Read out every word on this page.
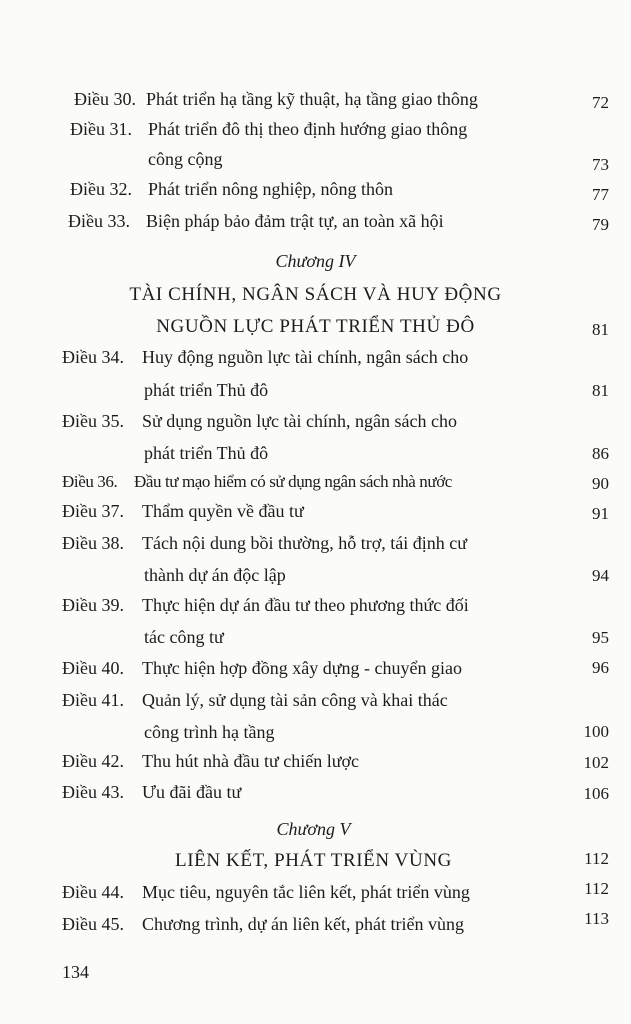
Điều 30. Phát triển hạ tầng kỹ thuật, hạ tầng giao thông	72
Điều 31. Phát triển đô thị theo định hướng giao thông
công cộng	73
Điều 32. Phát triển nông nghiệp, nông thôn	77
Điều 33. Biện pháp bảo đảm trật tự, an toàn xã hội	79
Chương IV
TÀI CHÍNH, NGÂN SÁCH VÀ HUY ĐỘNG
NGUỒN LỰC PHÁT TRIỂN THỦ ĐÔ	81
Điều 34. Huy động nguồn lực tài chính, ngân sách cho
phát triển Thủ đô	81
Điều 35. Sử dụng nguồn lực tài chính, ngân sách cho
phát triển Thủ đô	86
Điều 36. Đầu tư mạo hiểm có sử dụng ngân sách nhà nước	90
Điều 37. Thẩm quyền về đầu tư	91
Điều 38. Tách nội dung bồi thường, hỗ trợ, tái định cư
thành dự án độc lập	94
Điều 39. Thực hiện dự án đầu tư theo phương thức đối
tác công tư	95
Điều 40. Thực hiện hợp đồng xây dựng - chuyển giao	96
Điều 41. Quản lý, sử dụng tài sản công và khai thác
công trình hạ tầng	100
Điều 42. Thu hút nhà đầu tư chiến lược	102
Điều 43. Ưu đãi đầu tư	106
Chương V
LIÊN KẾT, PHÁT TRIỂN VÙNG	112
Điều 44. Mục tiêu, nguyên tắc liên kết, phát triển vùng	112
Điều 45. Chương trình, dự án liên kết, phát triển vùng	113
134
